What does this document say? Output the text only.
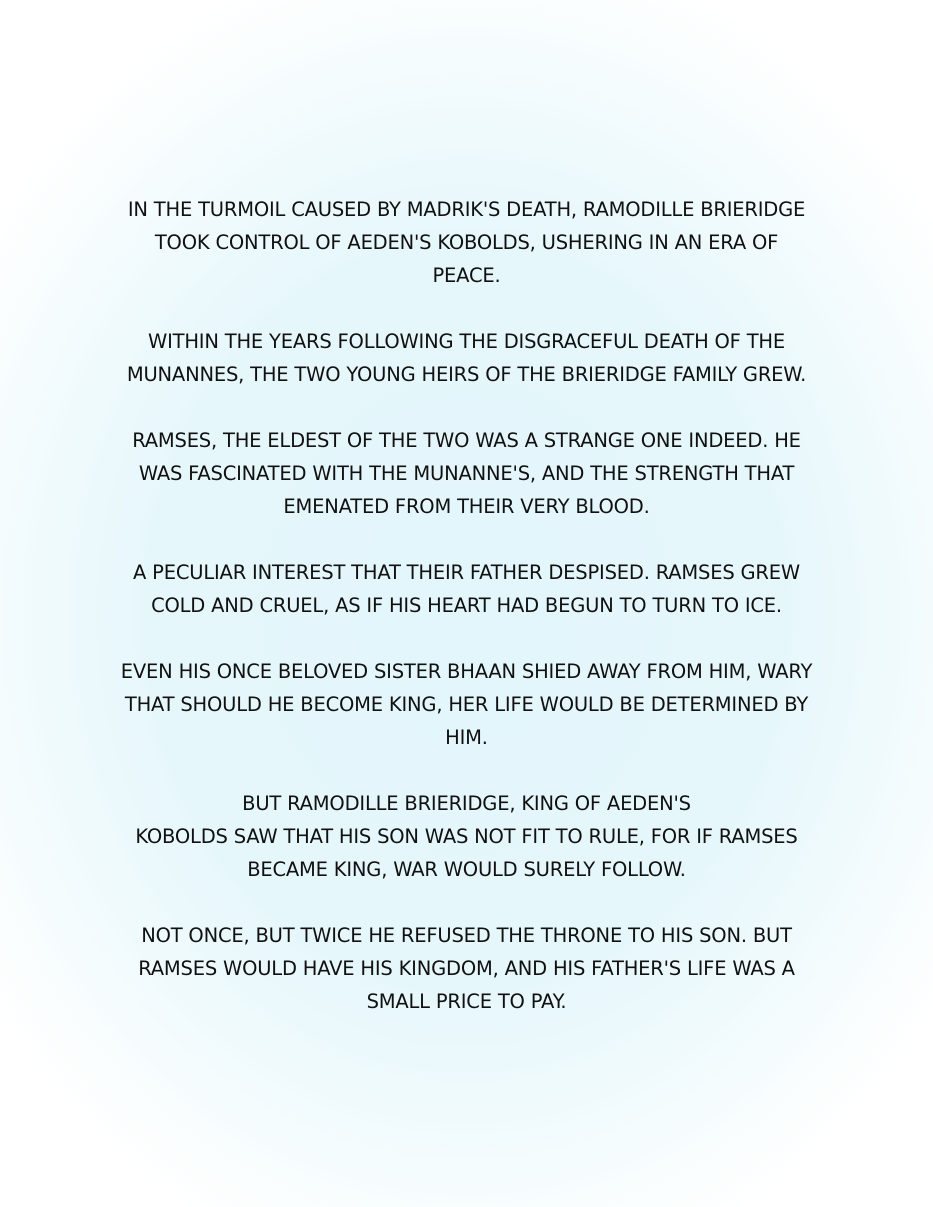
IN THE TURMOIL CAUSED BY MADRIK'S DEATH, RAMODILLE BRIERIDGE
TOOK CONTROL OF AEDEN'S KOBOLDS, USHERING IN AN ERA OF
PEACE.

WITHIN THE YEARS FOLLOWING THE DISGRACEFUL DEATH OF THE
MUNANNES, THE TWO YOUNG HEIRS OF THE BRIERIDGE FAMILY GREW.

RAMSES, THE ELDEST OF THE TWO WAS A STRANGE ONE INDEED. HE
WAS FASCINATED WITH THE MUNANNE'S, AND THE STRENGTH THAT
EMENATED FROM THEIR VERY BLOOD.

A PECULIAR INTEREST THAT THEIR FATHER DESPISED. RAMSES GREW
COLD AND CRUEL, AS IF HIS HEART HAD BEGUN TO TURN TO ICE.

EVEN HIS ONCE BELOVED SISTER BHAAN SHIED AWAY FROM HIM, WARY
THAT SHOULD HE BECOME KING, HER LIFE WOULD BE DETERMINED BY
HIM.

BUT RAMODILLE BRIERIDGE, KING OF AEDEN'S
KOBOLDS SAW THAT HIS SON WAS NOT FIT TO RULE, FOR IF RAMSES
BECAME KING, WAR WOULD SURELY FOLLOW.

NOT ONCE, BUT TWICE HE REFUSED THE THRONE TO HIS SON. BUT
RAMSES WOULD HAVE HIS KINGDOM, AND HIS FATHER'S LIFE WAS A
SMALL PRICE TO PAY.
